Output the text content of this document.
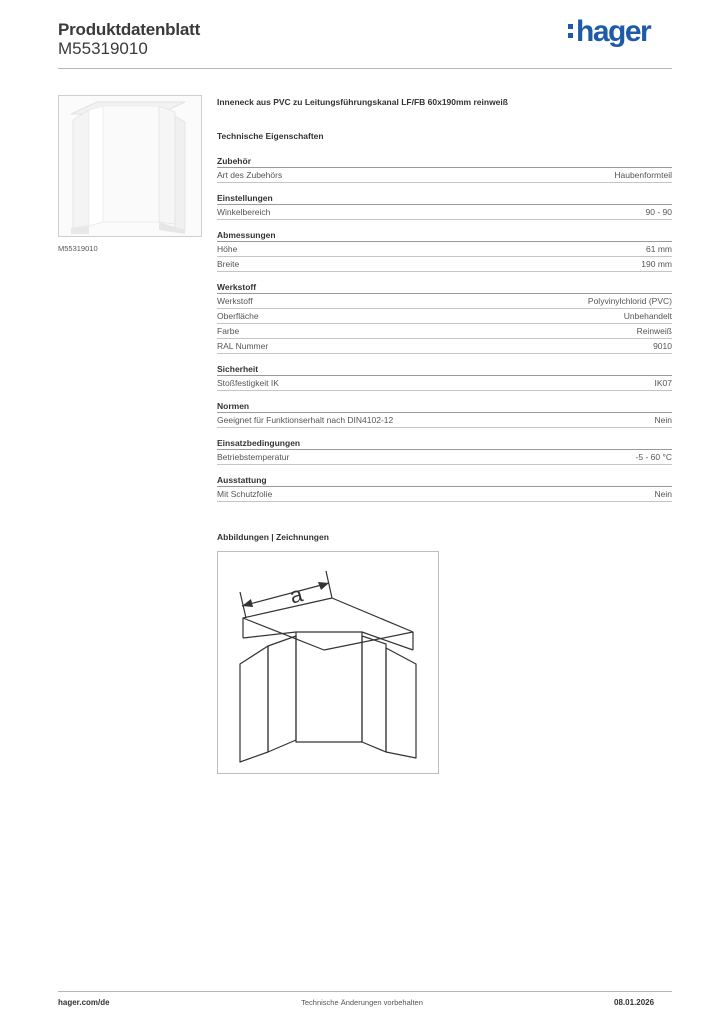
Produktdatenblatt
M55319010
hager
M55319010
Inneneck aus PVC zu Leitungsführungskanal LF/FB 60x190mm reinweiß
Technische Eigenschaften
Zubehör
Art des Zubehörs	Haubenformteil
Einstellungen
Winkelbereich	90 - 90
Abmessungen
Höhe	61 mm
Breite	190 mm
Werkstoff
Werkstoff	Polyvinylchlorid (PVC)
Oberfläche	Unbehandelt
Farbe	Reinweiß
RAL Nummer	9010
Sicherheit
Stoßfestigkeit IK	IK07
Normen
Geeignet für Funktionserhalt nach DIN4102-12	Nein
Einsatzbedingungen
Betriebstemperatur	-5 - 60 °C
Ausstattung
Mit Schutzfolie	Nein
Abbildungen | Zeichnungen
a
hager.com/de	Technische Änderungen vorbehalten	08.01.2026
